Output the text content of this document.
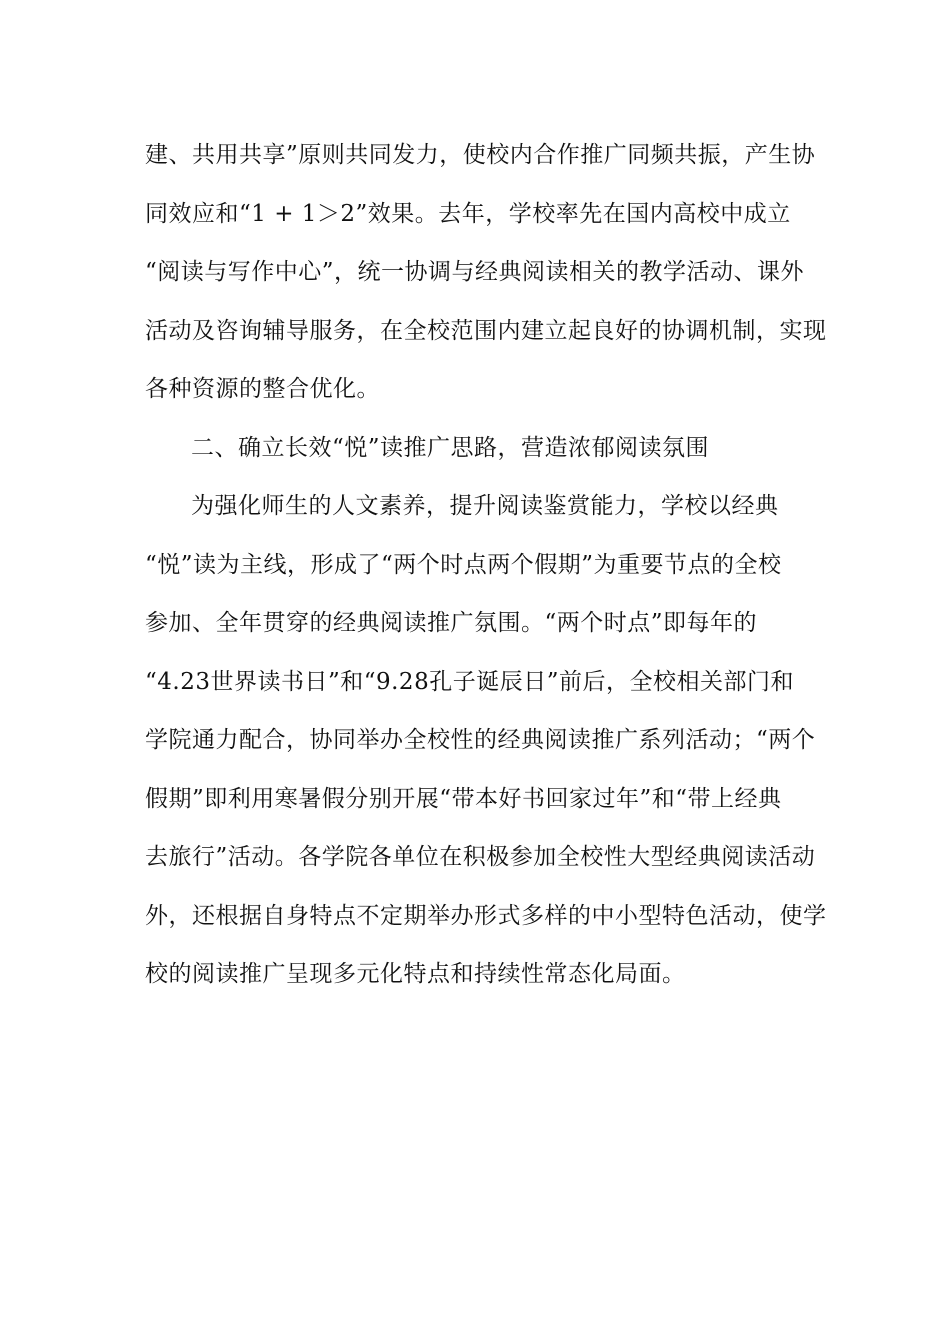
建、共用共享”原则共同发力，使校内合作推广同频共振，产生协
同效应和“1 + 1＞2”效果。去年，学校率先在国内高校中成立
“阅读与写作中心”，统一协调与经典阅读相关的教学活动、课外
活动及咨询辅导服务，在全校范围内建立起良好的协调机制，实现
各种资源的整合优化。
二、确立长效“悦”读推广思路，营造浓郁阅读氛围
为强化师生的人文素养，提升阅读鉴赏能力，学校以经典
“悦”读为主线，形成了“两个时点两个假期”为重要节点的全校
参加、全年贯穿的经典阅读推广氛围。“两个时点”即每年的
“4.23世界读书日”和“9.28孔子诞辰日”前后，全校相关部门和
学院通力配合，协同举办全校性的经典阅读推广系列活动；“两个
假期”即利用寒暑假分别开展“带本好书回家过年”和“带上经典
去旅行”活动。各学院各单位在积极参加全校性大型经典阅读活动
外，还根据自身特点不定期举办形式多样的中小型特色活动，使学
校的阅读推广呈现多元化特点和持续性常态化局面。
